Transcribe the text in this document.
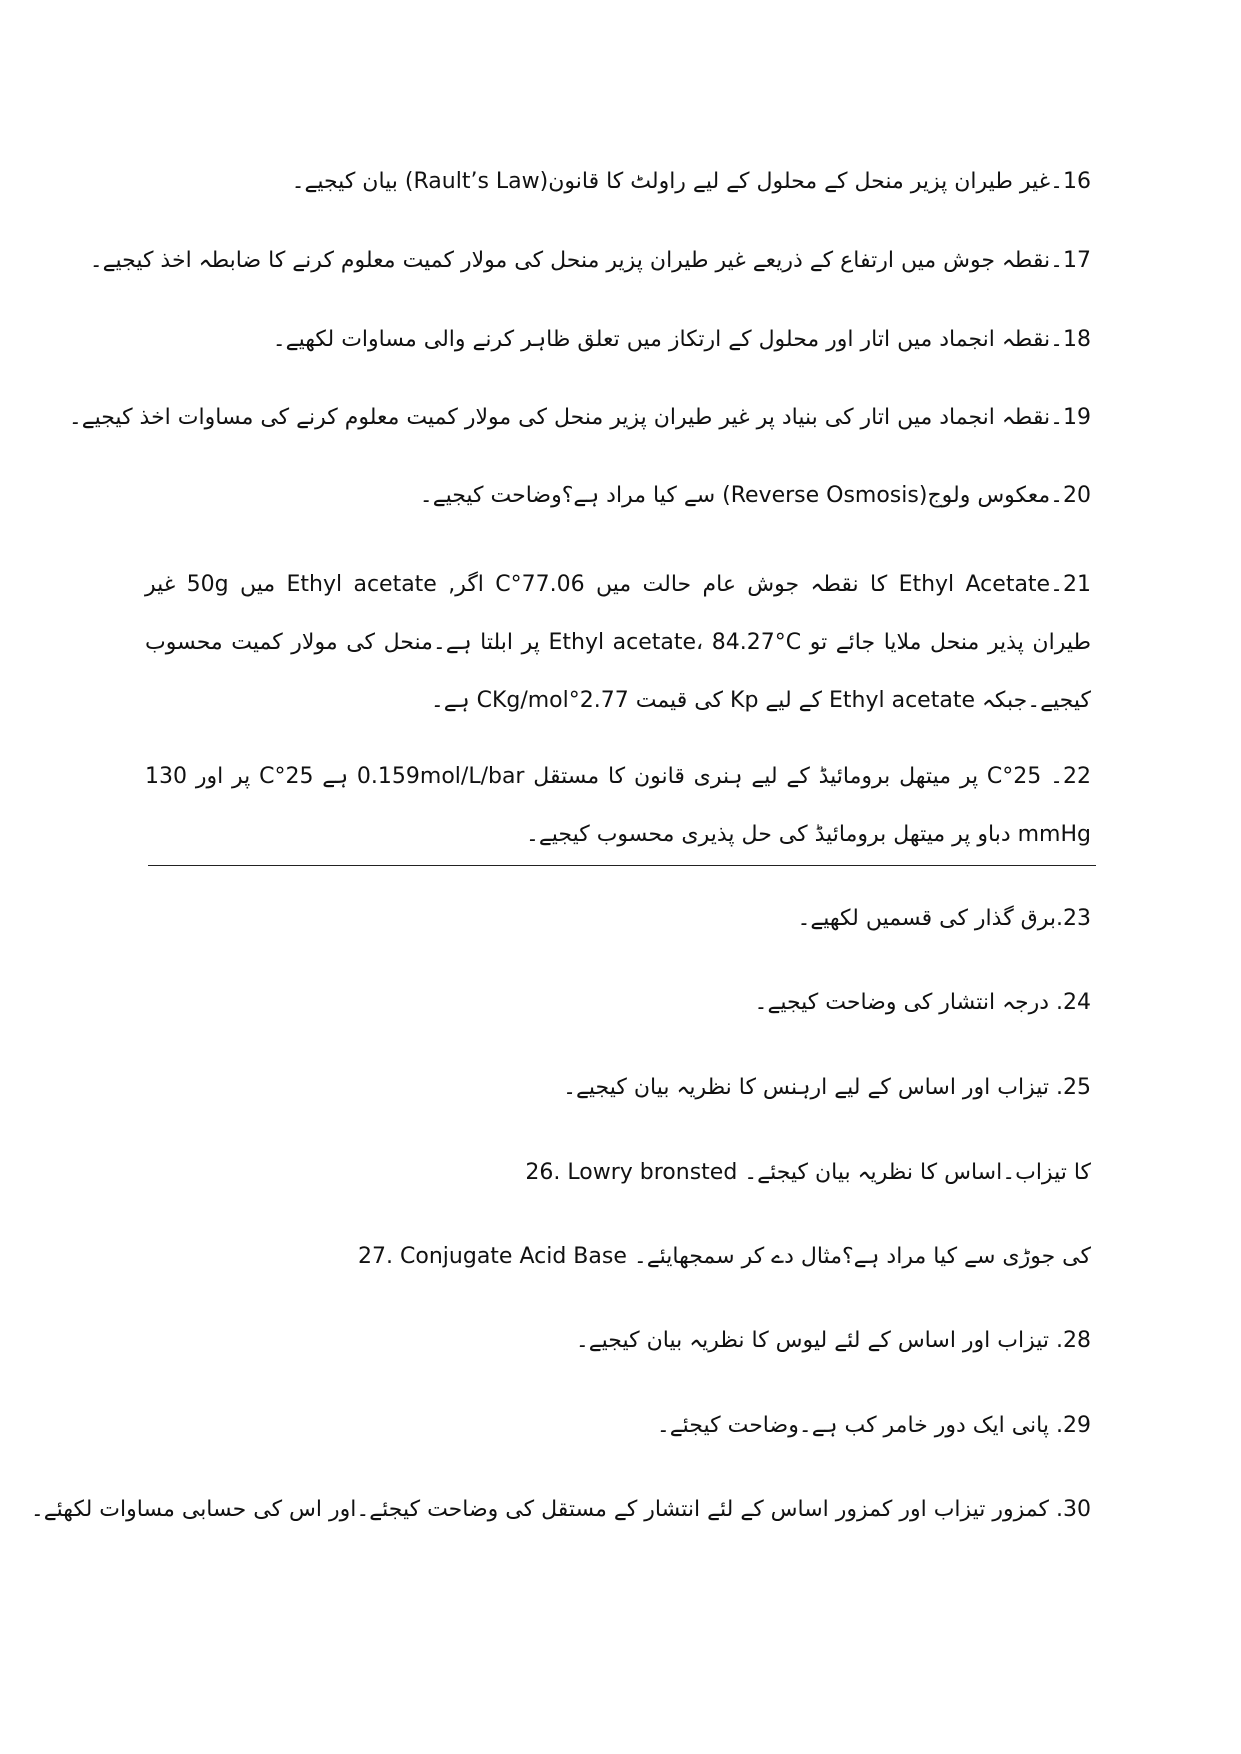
16۔غیر طیران پزیر منحل کے محلول کے لیے راولٹ کا قانون(Rault’s Law) بیان کیجیے۔
17۔نقطہ جوش میں ارتفاع کے ذریعے غیر طیران پزیر منحل کی مولار کمیت معلوم کرنے کا ضابطہ اخذ کیجیے۔
18۔نقطہ انجماد میں اتار اور محلول کے ارتکاز میں تعلق ظاہر کرنے والی مساوات لکھیے۔
19۔نقطہ انجماد میں اتار کی بنیاد پر غیر طیران پزیر منحل کی مولار کمیت معلوم کرنے کی مساوات اخذ کیجیے۔
20۔معکوس ولوج(Reverse Osmosis) سے کیا مراد ہے؟وضاحت کیجیے۔
21۔Ethyl Acetate کا نقطہ جوش عام حالت میں 77.06°C اگر, Ethyl acetate میں 50g غیر طیران پذیر منحل ملایا جائے تو Ethyl acetate، 84.27°C پر ابلتا ہے۔منحل کی مولار کمیت محسوب کیجیے۔جبکہ Ethyl acetate کے لیے Kp کی قیمت 2.77°CKg/mol ہے۔
22۔ 25°C پر میتھل برومائیڈ کے لیے ہنری قانون کا مستقل 0.159mol/L/bar ہے 25°C پر اور 130 mmHg دباو پر میتھل برومائیڈ کی حل پذیری محسوب کیجیے۔
23.برق گذار کی قسمیں لکھیے۔
24. درجہ انتشار کی وضاحت کیجیے۔
25. تیزاب اور اساس کے لیے ارہنس کا نظریہ بیان کیجیے۔
26. Lowry bronsted کا تیزاب۔اساس کا نظریہ بیان کیجئے۔
27. Conjugate Acid Base کی جوڑی سے کیا مراد ہے؟مثال دے کر سمجھایئے۔
28. تیزاب اور اساس کے لئے لیوس کا نظریہ بیان کیجیے۔
29. پانی ایک دور خامر کب ہے۔وضاحت کیجئے۔
30. کمزور تیزاب اور کمزور اساس کے لئے انتشار کے مستقل کی وضاحت کیجئے۔اور اس کی حسابی مساوات لکھئے۔
